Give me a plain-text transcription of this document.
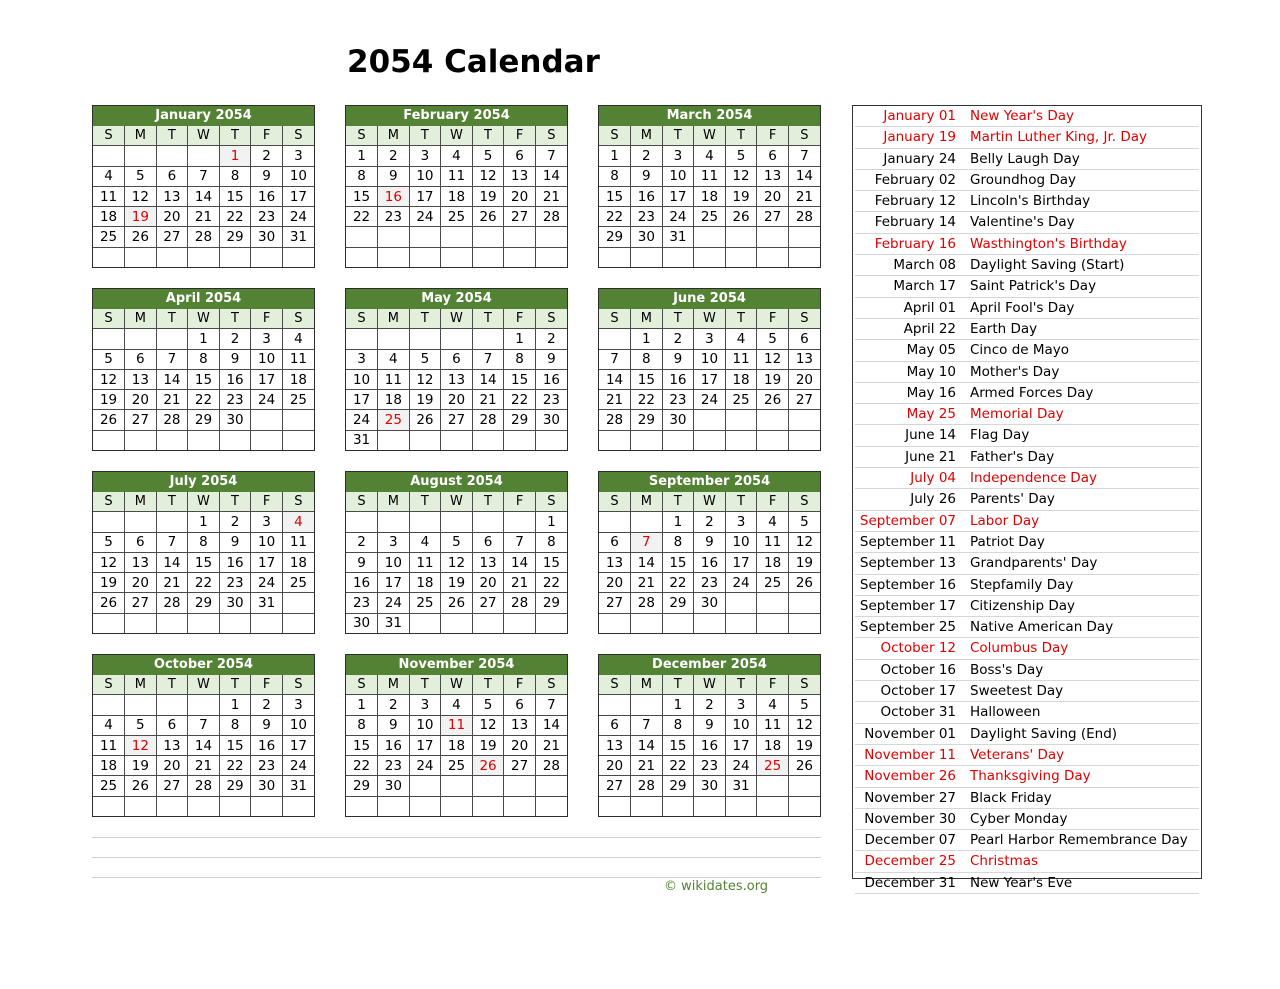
2054 Calendar
January 2054
S	M	T	W	T	F	S
				1	2	3
4	5	6	7	8	9	10
11	12	13	14	15	16	17
18	19	20	21	22	23	24
25	26	27	28	29	30	31

February 2054
S	M	T	W	T	F	S
1	2	3	4	5	6	7
8	9	10	11	12	13	14
15	16	17	18	19	20	21
22	23	24	25	26	27	28

March 2054
S	M	T	W	T	F	S
1	2	3	4	5	6	7
8	9	10	11	12	13	14
15	16	17	18	19	20	21
22	23	24	25	26	27	28
29	30	31				

April 2054
S	M	T	W	T	F	S
			1	2	3	4
5	6	7	8	9	10	11
12	13	14	15	16	17	18
19	20	21	22	23	24	25
26	27	28	29	30		

May 2054
S	M	T	W	T	F	S
					1	2
3	4	5	6	7	8	9
10	11	12	13	14	15	16
17	18	19	20	21	22	23
24	25	26	27	28	29	30
31						
June 2054
S	M	T	W	T	F	S
	1	2	3	4	5	6
7	8	9	10	11	12	13
14	15	16	17	18	19	20
21	22	23	24	25	26	27
28	29	30				

July 2054
S	M	T	W	T	F	S
			1	2	3	4
5	6	7	8	9	10	11
12	13	14	15	16	17	18
19	20	21	22	23	24	25
26	27	28	29	30	31	

August 2054
S	M	T	W	T	F	S
						1
2	3	4	5	6	7	8
9	10	11	12	13	14	15
16	17	18	19	20	21	22
23	24	25	26	27	28	29
30	31					
September 2054
S	M	T	W	T	F	S
		1	2	3	4	5
6	7	8	9	10	11	12
13	14	15	16	17	18	19
20	21	22	23	24	25	26
27	28	29	30			

October 2054
S	M	T	W	T	F	S
				1	2	3
4	5	6	7	8	9	10
11	12	13	14	15	16	17
18	19	20	21	22	23	24
25	26	27	28	29	30	31

November 2054
S	M	T	W	T	F	S
1	2	3	4	5	6	7
8	9	10	11	12	13	14
15	16	17	18	19	20	21
22	23	24	25	26	27	28
29	30					

December 2054
S	M	T	W	T	F	S
		1	2	3	4	5
6	7	8	9	10	11	12
13	14	15	16	17	18	19
20	21	22	23	24	25	26
27	28	29	30	31		

January 01	New Year's Day
January 19	Martin Luther King, Jr. Day
January 24	Belly Laugh Day
February 02	Groundhog Day
February 12	Lincoln's Birthday
February 14	Valentine's Day
February 16	Wasthington's Birthday
March 08	Daylight Saving (Start)
March 17	Saint Patrick's Day
April 01	April Fool's Day
April 22	Earth Day
May 05	Cinco de Mayo
May 10	Mother's Day
May 16	Armed Forces Day
May 25	Memorial Day
June 14	Flag Day
June 21	Father's Day
July 04	Independence Day
July 26	Parents' Day
September 07	Labor Day
September 11	Patriot Day
September 13	Grandparents' Day
September 16	Stepfamily Day
September 17	Citizenship Day
September 25	Native American Day
October 12	Columbus Day
October 16	Boss's Day
October 17	Sweetest Day
October 31	Halloween
November 01	Daylight Saving (End)
November 11	Veterans' Day
November 26	Thanksgiving Day
November 27	Black Friday
November 30	Cyber Monday
December 07	Pearl Harbor Remembrance Day
December 25	Christmas
December 31	New Year's Eve
© wikidates.org
